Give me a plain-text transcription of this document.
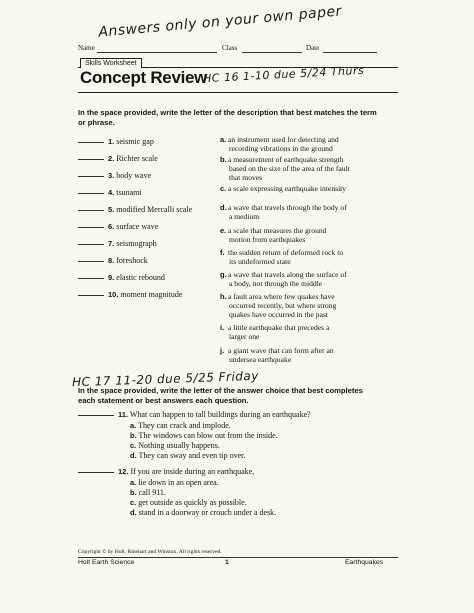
Answers only on your own paper
Name	Class	Date
Skills Worksheet
Concept Review
HC 16 1-10 due 5/24 Thurs
In the space provided, write the letter of the description that best matches the term or phrase.
1. seismic gap
2. Richter scale
3. body wave
4. tsunami
5. modified Mercalli scale
6. surface wave
7. seismograph
8. foreshock
9. elastic rebound
10. moment magnitude
a. an instrument used for detecting and
recording vibrations in the ground
b.a measurement of earthquake strength
based on the size of the area of the fault
that moves
c. a scale expressing earthquake intensity
d.a wave that travels through the body of
a medium
e. a scale that measures the ground
motion from earthquakes
f. the sudden return of deformed rock to
its undeformed state
g.a wave that travels along the surface of
a body, not through the middle
h.a fault area where few quakes have
occurred recently, but where strong
quakes have occurred in the past
i. a little earthquake that precedes a
larger one
j. a giant wave that can form after an
undersea earthquake
HC 17 11-20 due 5/25 Friday
In the space provided, write the letter of the answer choice that best completes each statement or best answers each question.
11. What can happen to tall buildings during an earthquake?
a. They can crack and implode.
b. The windows can blow out from the inside.
c. Nothing usually happens.
d. They can sway and even tip over.
12. If you are inside during an earthquake,
a. lie down in an open area.
b. call 911.
c. get outside as quickly as possible.
d. stand in a doorway or crouch under a desk.
Copyright © by Holt, Rinehart and Winston. All rights reserved.
Holt Earth Science	1	Earthquakes
